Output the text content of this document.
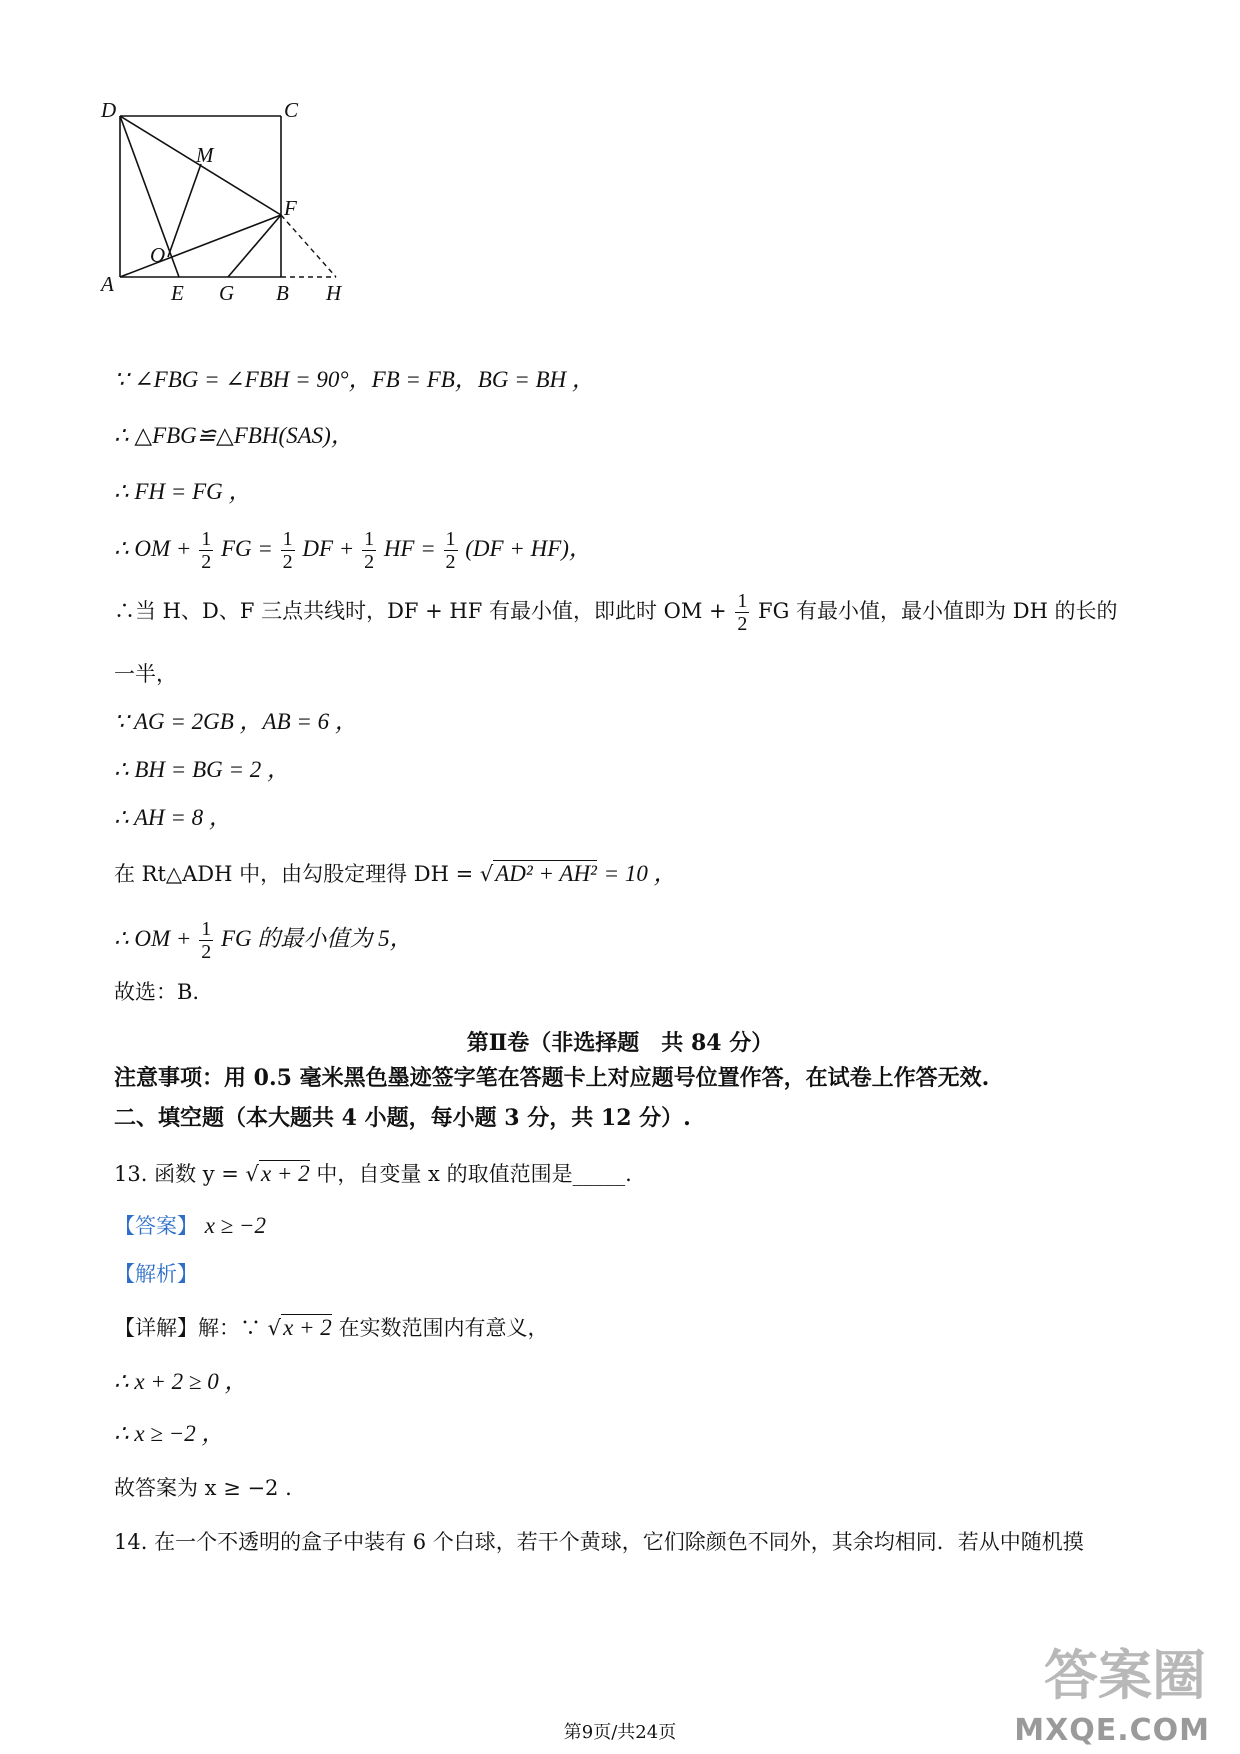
D	C
M
F
O
A	E G B H
∵ ∠FBG = ∠FBH = 90°，FB = FB，BG = BH ，
∴ △FBG≌△FBH(SAS)，
∴ FH = FG ，
∴ OM + $\frac{1}{2}$ FG = $\frac{1}{2}$ DF + $\frac{1}{2}$ HF = $\frac{1}{2} (DF + HF)$，
∴当 H、D、F 三点共线时，DF + HF 有最小值，即此时 OM + $\frac{1}{2}$ FG 有最小值，最小值即为 DH 的长的
一半，
∵ AG = 2GB ，AB = 6 ，
∴ BH = BG = 2 ，
∴ AH = 8 ，
在 Rt△ADH 中，由勾股定理得 DH = √AD² + AH² = 10 ，
∴ OM + $\frac{1}{2}$ FG 的最小值为 5，
故选：B.
第Ⅱ卷（非选择题　共 84 分）
注意事项：用 0.5 毫米黑色墨迹签字笔在答题卡上对应题号位置作答，在试卷上作答无效.
二、填空题（本大题共 4 小题，每小题 3 分，共 12 分）.
13. 函数 y = √x + 2 中，自变量 x 的取值范围是_____.
【答案】 x ≥ −2
【解析】
【详解】解：∵ √x + 2 在实数范围内有意义，
∴ x + 2 ≥ 0 ，
∴ x ≥ −2 ，
故答案为 x ≥ −2 .
14. 在一个不透明的盒子中装有 6 个白球，若干个黄球，它们除颜色不同外，其余均相同．若从中随机摸
第9页/共24页
答案圈
MXQE.COM
